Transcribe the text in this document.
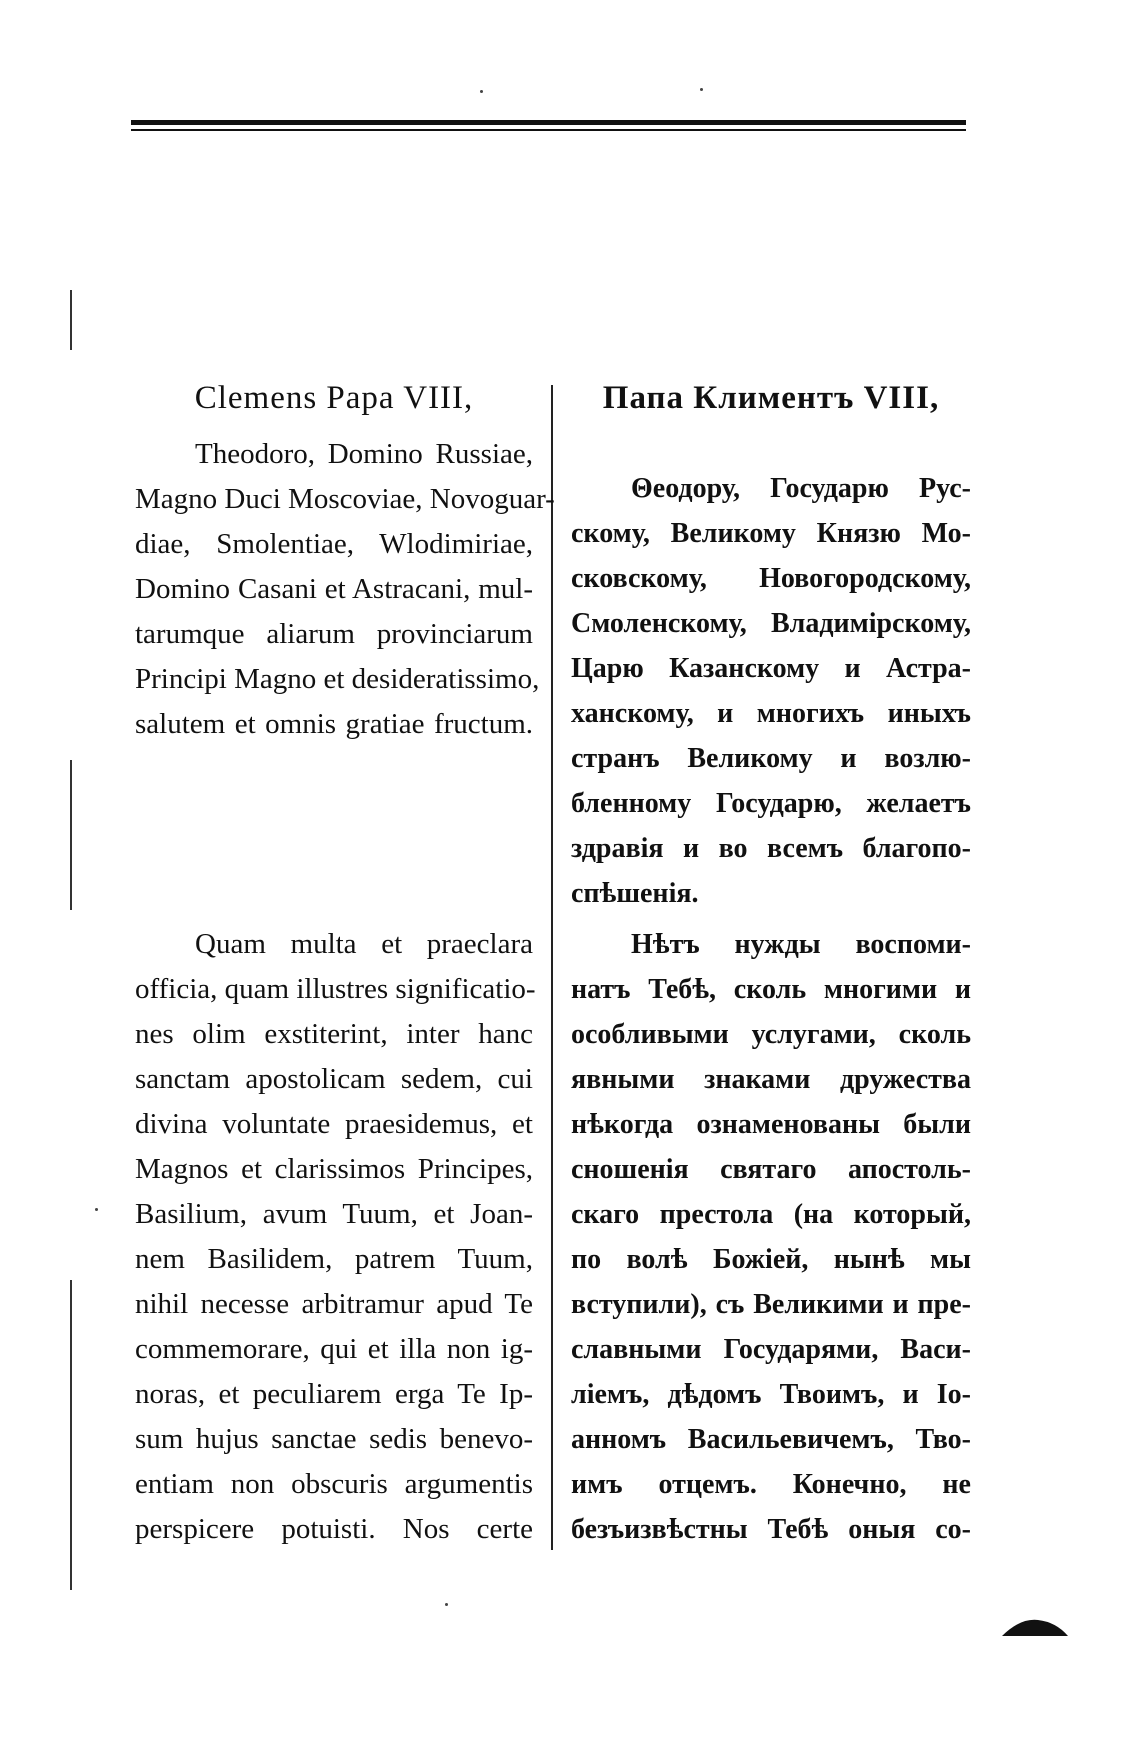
Clemens Papa VIII,
Theodoro, Domino Russiae,
Magno Duci Moscoviae, Novoguar-
diae, Smolentiae, Wlodimiriae,
Domino Casani et Astracani, mul-
tarumque aliarum provinciarum
Principi Magno et desideratissimo,
salutem et omnis gratiae fructum.
Quam multa et praeclara
officia, quam illustres significatio-
nes olim exstiterint, inter hanc
sanctam apostolicam sedem, cui
divina voluntate praesidemus, et
Magnos et clarissimos Principes,
Basilium, avum Tuum, et Joan-
nem Basilidem, patrem Tuum,
nihil necesse arbitramur apud Te
commemorare, qui et illa non ig-
noras, et peculiarem erga Te Ip-
sum hujus sanctae sedis benevo-
entiam non obscuris argumentis
perspicere potuisti. Nos certe
Папа Климентъ VIII,
Θеодору, Государю Рус-
скому, Великому Князю Мо-
сковскому, Новогородскому,
Смоленскому, Владимірскому,
Царю Казанскому и Астра-
ханскому, и многихъ иныхъ
странъ Великому и возлю-
бленному Государю, желаетъ
здравія и во всемъ благопо-
спѣшенія.
Нѣтъ нужды воспоми-
натъ Тебѣ, сколь многими и
особливыми услугами, сколь
явными знаками дружества
нѣкогда ознаменованы были
сношенія святаго апостоль-
скаго престола (на который,
по волѣ Божіей, нынѣ мы
вступили), съ Великими и пре-
славными Государями, Васи-
ліемъ, дѣдомъ Твоимъ, и Іо-
анномъ Васильевичемъ, Тво-
имъ отцемъ. Конечно, не
безъизвѣстны Тебѣ оныя со-
